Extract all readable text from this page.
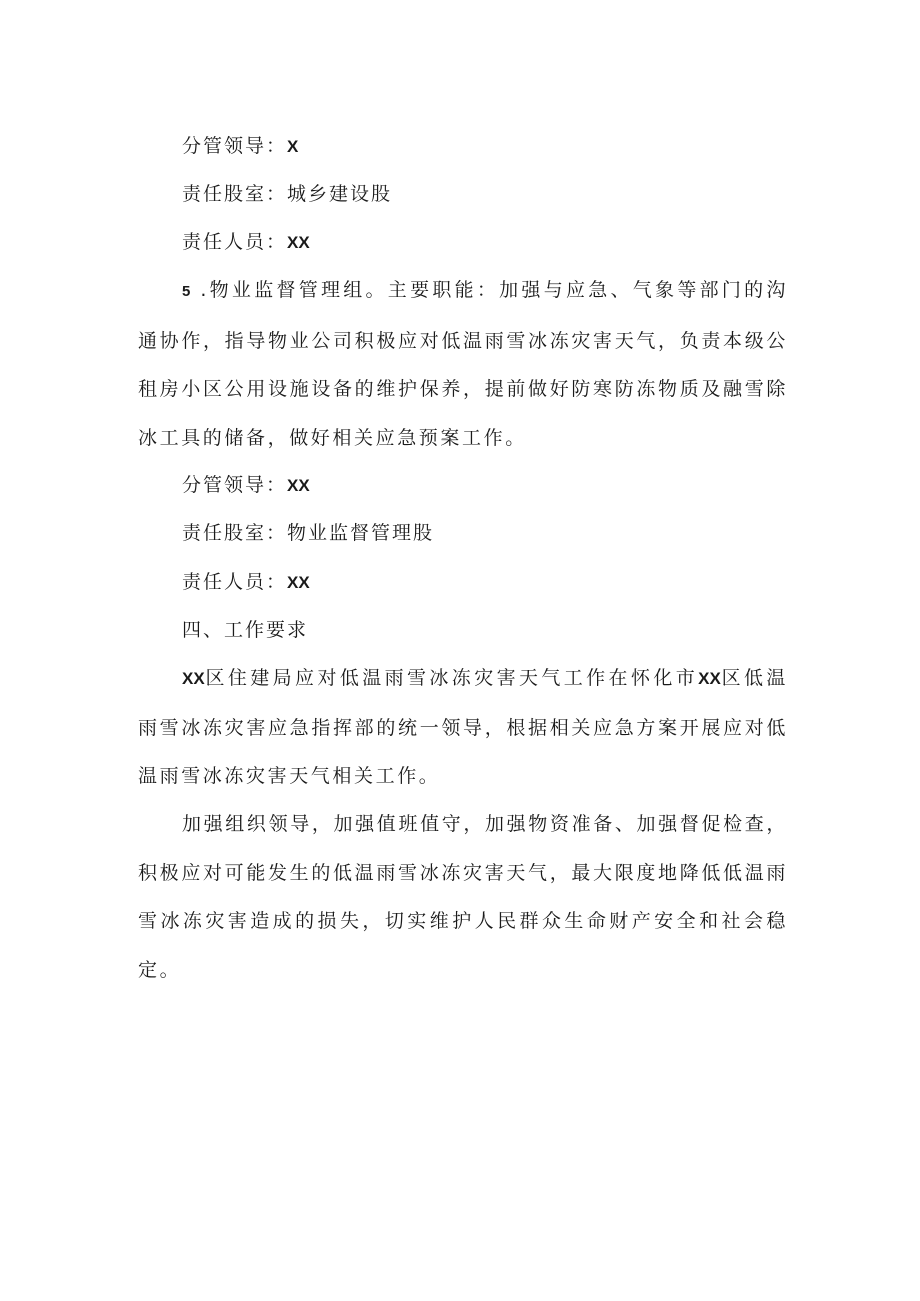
分管领导：X
责任股室：城乡建设股
责任人员：XX
5 .物业监督管理组。主要职能：加强与应急、气象等部门的沟通协作，指导物业公司积极应对低温雨雪冰冻灾害天气，负责本级公租房小区公用设施设备的维护保养，提前做好防寒防冻物质及融雪除冰工具的储备，做好相关应急预案工作。
分管领导：XX
责任股室：物业监督管理股
责任人员：XX
四、工作要求
XX区住建局应对低温雨雪冰冻灾害天气工作在怀化市XX区低温雨雪冰冻灾害应急指挥部的统一领导，根据相关应急方案开展应对低温雨雪冰冻灾害天气相关工作。
加强组织领导，加强值班值守，加强物资准备、加强督促检查，积极应对可能发生的低温雨雪冰冻灾害天气，最大限度地降低低温雨雪冰冻灾害造成的损失，切实维护人民群众生命财产安全和社会稳定。
